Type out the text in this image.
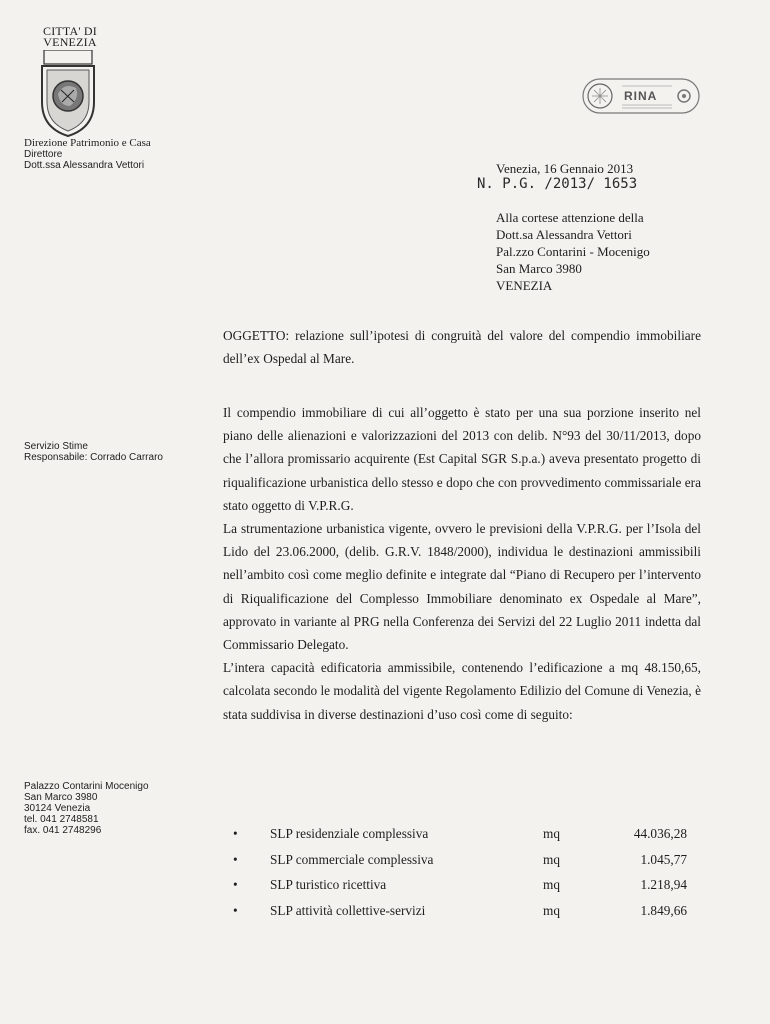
CITTA' DI
VENEZIA
RINA
Direzione Patrimonio e Casa
Direttore
Dott.ssa Alessandra Vettori
Servizio Stime
Responsabile: Corrado Carraro
Palazzo Contarini Mocenigo
San Marco 3980
30124 Venezia
tel. 041 2748581
fax. 041 2748296
Venezia, 16 Gennaio 2013
N. P.G. /2013/ 1653
Alla cortese attenzione della
Dott.sa Alessandra Vettori
Pal.zzo Contarini - Mocenigo
San Marco 3980
VENEZIA

OGGETTO: relazione sull’ipotesi di congruità del valore del compendio immobiliare dell’ex Ospedal al Mare.

Il compendio immobiliare di cui all’oggetto è stato per una sua porzione inserito nel piano delle alienazioni e valorizzazioni del 2013 con delib. N°93 del 30/11/2013, dopo che l’allora promissario acquirente (Est Capital SGR S.p.a.) aveva presentato progetto di riqualificazione urbanistica dello stesso e dopo che con provvedimento commissariale era stato oggetto di V.P.R.G.

La strumentazione urbanistica vigente, ovvero le previsioni della V.P.R.G. per l’Isola del Lido del 23.06.2000, (delib. G.R.V. 1848/2000), individua le destinazioni ammissibili nell’ambito così come meglio definite e integrate dal “Piano di Recupero per l’intervento di Riqualificazione del Complesso Immobiliare denominato ex Ospedale al Mare”, approvato in variante al PRG nella Conferenza dei Servizi del 22 Luglio 2011 indetta dal Commissario Delegato.

L’intera capacità edificatoria ammissibile, contenendo l’edificazione a mq 48.150,65, calcolata secondo le modalità del vigente Regolamento Edilizio del Comune di Venezia, è stata suddivisa in diverse destinazioni d’uso così come di seguito:

• SLP residenziale complessiva	mq	44.036,28
• SLP commerciale complessiva	mq	1.045,77
• SLP turistico ricettiva	mq	1.218,94
• SLP attività collettive-servizi	mq	1.849,66
